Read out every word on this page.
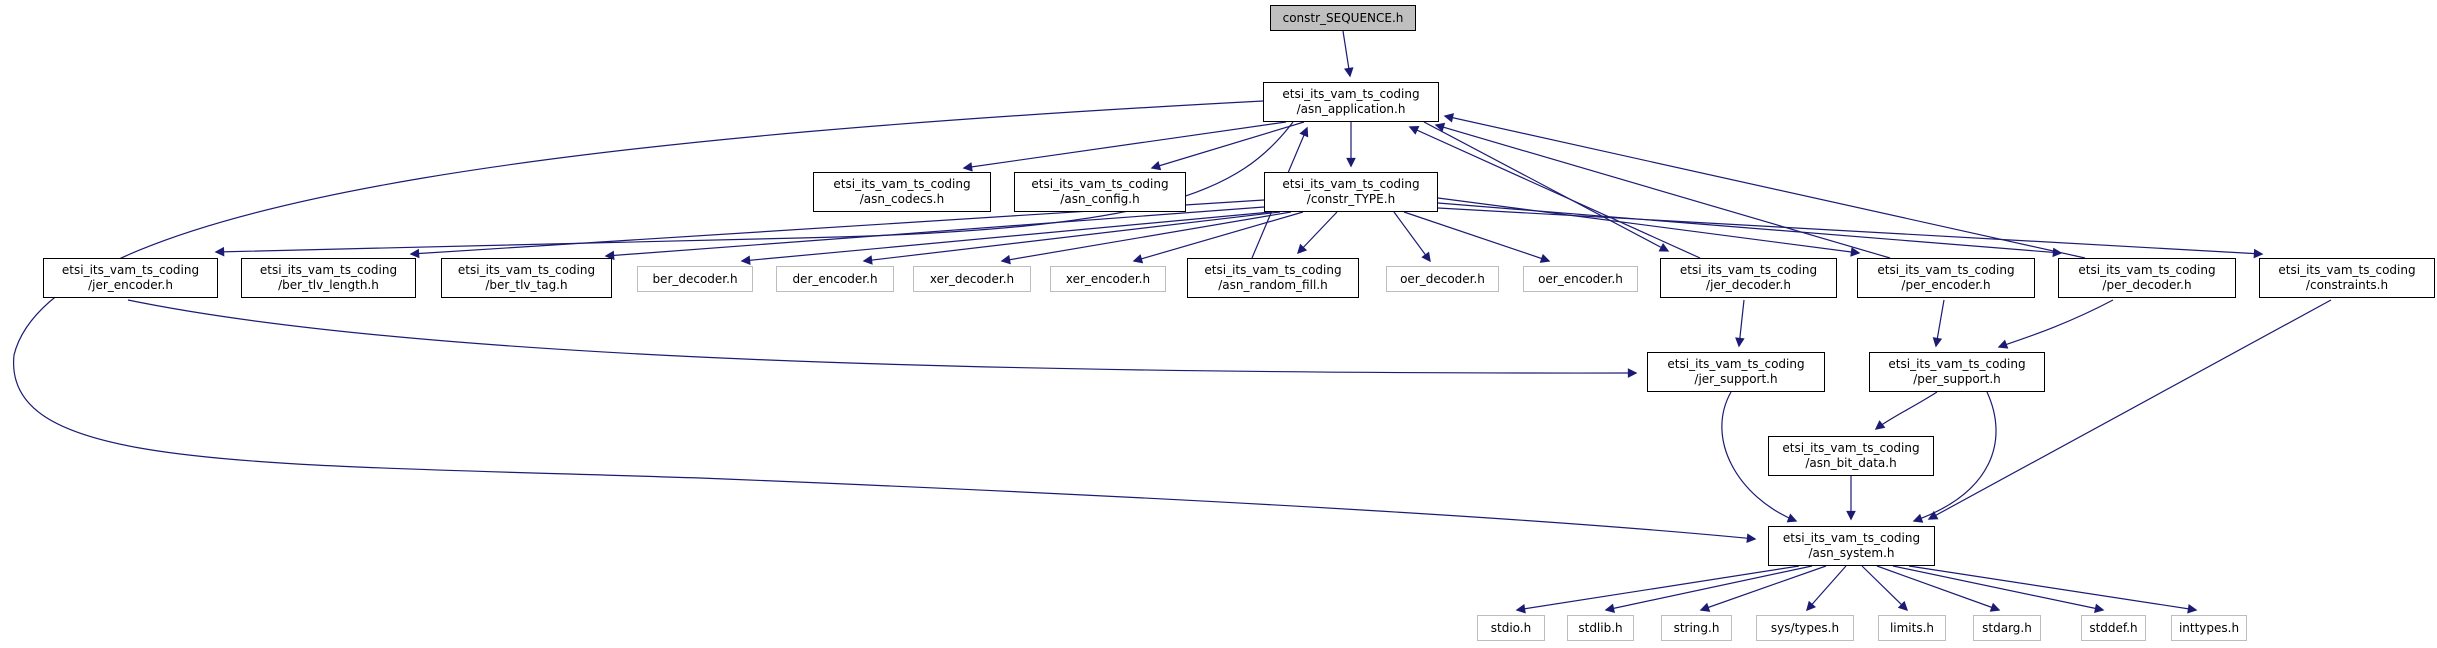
constr_SEQUENCE.h
etsi_its_vam_ts_coding
/asn_application.h
etsi_its_vam_ts_coding
/asn_codecs.h
etsi_its_vam_ts_coding
/asn_config.h
etsi_its_vam_ts_coding
/constr_TYPE.h
etsi_its_vam_ts_coding
/jer_encoder.h
etsi_its_vam_ts_coding
/ber_tlv_length.h
etsi_its_vam_ts_coding
/ber_tlv_tag.h	ber_decoder.h	der_encoder.h	xer_decoder.h	xer_encoder.h
etsi_its_vam_ts_coding
/asn_random_fill.h	oer_decoder.h	oer_encoder.h
etsi_its_vam_ts_coding
/jer_decoder.h
etsi_its_vam_ts_coding
/per_encoder.h
etsi_its_vam_ts_coding
/per_decoder.h
etsi_its_vam_ts_coding
/constraints.h
etsi_its_vam_ts_coding
/jer_support.h
etsi_its_vam_ts_coding
/per_support.h
etsi_its_vam_ts_coding
/asn_bit_data.h
etsi_its_vam_ts_coding
/asn_system.h
stdio.h	stdlib.h	string.h	sys/types.h	limits.h	stdarg.h	stddef.h	inttypes.h
